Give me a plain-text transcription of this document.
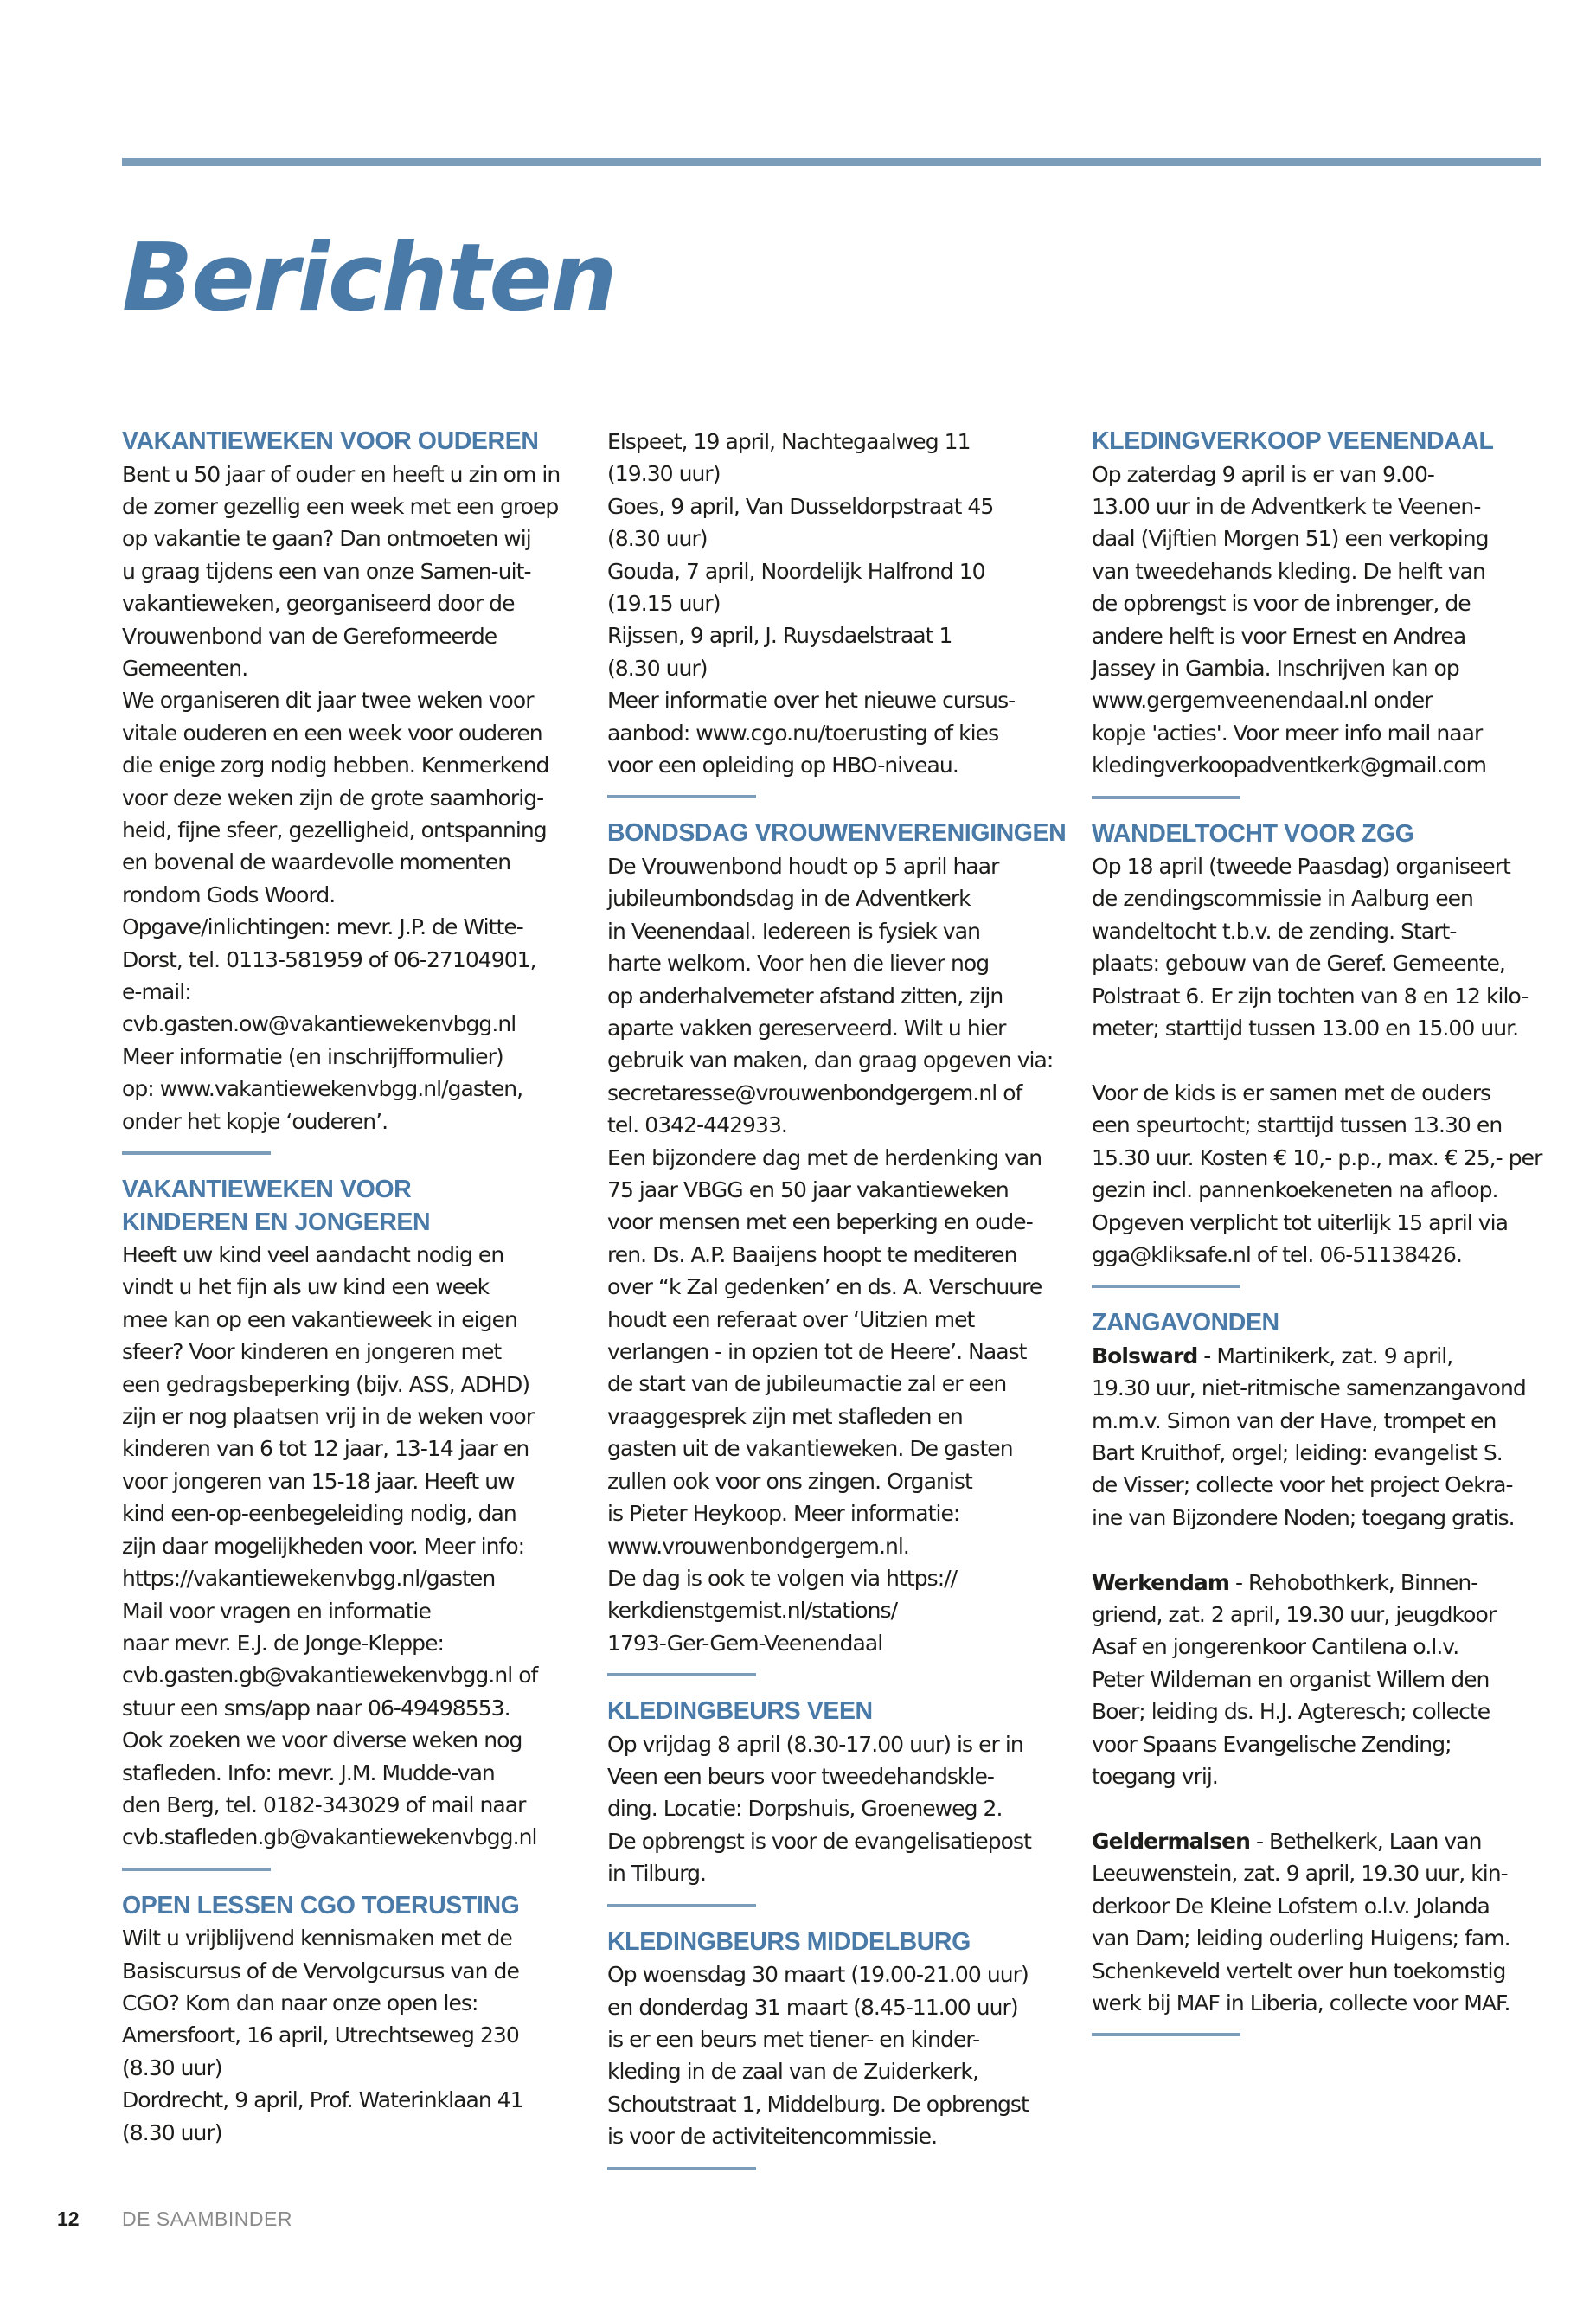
Berichten
VAKANTIEWEKEN VOOR OUDEREN

Bent u 50 jaar of ouder en heeft u zin om in

de zomer gezellig een week met een groep

op vakantie te gaan? Dan ontmoeten wij

u graag tijdens een van onze Samen-uit-

vakantieweken, georganiseerd door de

Vrouwenbond van de Gereformeerde

Gemeenten.

We organiseren dit jaar twee weken voor

vitale ouderen en een week voor ouderen

die enige zorg nodig hebben. Kenmerkend

voor deze weken zijn de grote saamhorig-

heid, fijne sfeer, gezelligheid, ontspanning

en bovenal de waardevolle momenten

rondom Gods Woord.

Opgave/inlichtingen: mevr. J.P. de Witte-

Dorst, tel. 0113-581959 of 06-27104901,

e-mail:

cvb.gasten.ow@vakantiewekenvbgg.nl

Meer informatie (en inschrijfformulier)

op: www.vakantiewekenvbgg.nl/gasten,

onder het kopje ‘ouderen’.

VAKANTIEWEKEN VOOR
KINDEREN EN JONGEREN

Heeft uw kind veel aandacht nodig en

vindt u het fijn als uw kind een week

mee kan op een vakantieweek in eigen

sfeer? Voor kinderen en jongeren met

een gedragsbeperking (bijv. ASS, ADHD)

zijn er nog plaatsen vrij in de weken voor

kinderen van 6 tot 12 jaar, 13-14 jaar en

voor jongeren van 15-18 jaar. Heeft uw

kind een-op-eenbegeleiding nodig, dan

zijn daar mogelijkheden voor. Meer info:

https://vakantiewekenvbgg.nl/gasten

Mail voor vragen en informatie

naar mevr. E.J. de Jonge-Kleppe:

cvb.gasten.gb@vakantiewekenvbgg.nl of

stuur een sms/app naar 06-49498553.

Ook zoeken we voor diverse weken nog

stafleden. Info: mevr. J.M. Mudde-van

den Berg, tel. 0182-343029 of mail naar

cvb.stafleden.gb@vakantiewekenvbgg.nl

OPEN LESSEN CGO TOERUSTING

Wilt u vrijblijvend kennismaken met de

Basiscursus of de Vervolgcursus van de

CGO? Kom dan naar onze open les:

Amersfoort, 16 april, Utrechtseweg 230

(8.30 uur)

Dordrecht, 9 april, Prof. Waterinklaan 41

(8.30 uur)

Elspeet, 19 april, Nachtegaalweg 11

(19.30 uur)

Goes, 9 april, Van Dusseldorpstraat 45

(8.30 uur)

Gouda, 7 april, Noordelijk Halfrond 10

(19.15 uur)

Rijssen, 9 april, J. Ruysdaelstraat 1

(8.30 uur)

Meer informatie over het nieuwe cursus-

aanbod: www.cgo.nu/toerusting of kies

voor een opleiding op HBO-niveau.

BONDSDAG VROUWENVERENIGINGEN

De Vrouwenbond houdt op 5 april haar

jubileumbondsdag in de Adventkerk

in Veenendaal. Iedereen is fysiek van

harte welkom. Voor hen die liever nog

op anderhalvemeter afstand zitten, zijn

aparte vakken gereserveerd. Wilt u hier

gebruik van maken, dan graag opgeven via:

secretaresse@vrouwenbondgergem.nl of

tel. 0342-442933.

Een bijzondere dag met de herdenking van

75 jaar VBGG en 50 jaar vakantieweken

voor mensen met een beperking en oude-

ren. Ds. A.P. Baaijens hoopt te mediteren

over “k Zal gedenken’ en ds. A. Verschuure

houdt een referaat over ‘Uitzien met

verlangen - in opzien tot de Heere’. Naast

de start van de jubileumactie zal er een

vraaggesprek zijn met stafleden en

gasten uit de vakantieweken. De gasten

zullen ook voor ons zingen. Organist

is Pieter Heykoop. Meer informatie:

www.vrouwenbondgergem.nl.

De dag is ook te volgen via https://

kerkdienstgemist.nl/stations/

1793-Ger-Gem-Veenendaal

KLEDINGBEURS VEEN

Op vrijdag 8 april (8.30-17.00 uur) is er in

Veen een beurs voor tweedehandskle-

ding. Locatie: Dorpshuis, Groeneweg 2.

De opbrengst is voor de evangelisatiepost

in Tilburg.

KLEDINGBEURS MIDDELBURG

Op woensdag 30 maart (19.00-21.00 uur)

en donderdag 31 maart (8.45-11.00 uur)

is er een beurs met tiener- en kinder-

kleding in de zaal van de Zuiderkerk,

Schoutstraat 1, Middelburg. De opbrengst

is voor de activiteitencommissie.

KLEDINGVERKOOP VEENENDAAL

Op zaterdag 9 april is er van 9.00-

13.00 uur in de Adventkerk te Veenen-

daal (Vijftien Morgen 51) een verkoping

van tweedehands kleding. De helft van

de opbrengst is voor de inbrenger, de

andere helft is voor Ernest en Andrea

Jassey in Gambia. Inschrijven kan op

www.gergemveenendaal.nl onder

kopje 'acties'. Voor meer info mail naar

kledingverkoopadventkerk@gmail.com

WANDELTOCHT VOOR ZGG

Op 18 april (tweede Paasdag) organiseert

de zendingscommissie in Aalburg een

wandeltocht t.b.v. de zending. Start-

plaats: gebouw van de Geref. Gemeente,

Polstraat 6. Er zijn tochten van 8 en 12 kilo-

meter; starttijd tussen 13.00 en 15.00 uur.

Voor de kids is er samen met de ouders

een speurtocht; starttijd tussen 13.30 en

15.30 uur. Kosten € 10,- p.p., max. € 25,- per

gezin incl. pannenkoekeneten na afloop.

Opgeven verplicht tot uiterlijk 15 april via

gga@kliksafe.nl of tel. 06-51138426.

ZANGAVONDEN

Bolsward - Martinikerk, zat. 9 april,

19.30 uur, niet-ritmische samenzangavond

m.m.v. Simon van der Have, trompet en

Bart Kruithof, orgel; leiding: evangelist S.

de Visser; collecte voor het project Oekra-

ine van Bijzondere Noden; toegang gratis.

Werkendam - Rehobothkerk, Binnen-

griend, zat. 2 april, 19.30 uur, jeugdkoor

Asaf en jongerenkoor Cantilena o.l.v.

Peter Wildeman en organist Willem den

Boer; leiding ds. H.J. Agteresch; collecte

voor Spaans Evangelische Zending;

toegang vrij.

Geldermalsen - Bethelkerk, Laan van

Leeuwenstein, zat. 9 april, 19.30 uur, kin-

derkoor De Kleine Lofstem o.l.v. Jolanda

van Dam; leiding ouderling Huigens; fam.

Schenkeveld vertelt over hun toekomstig

werk bij MAF in Liberia, collecte voor MAF.

12 DE SAAMBINDER
